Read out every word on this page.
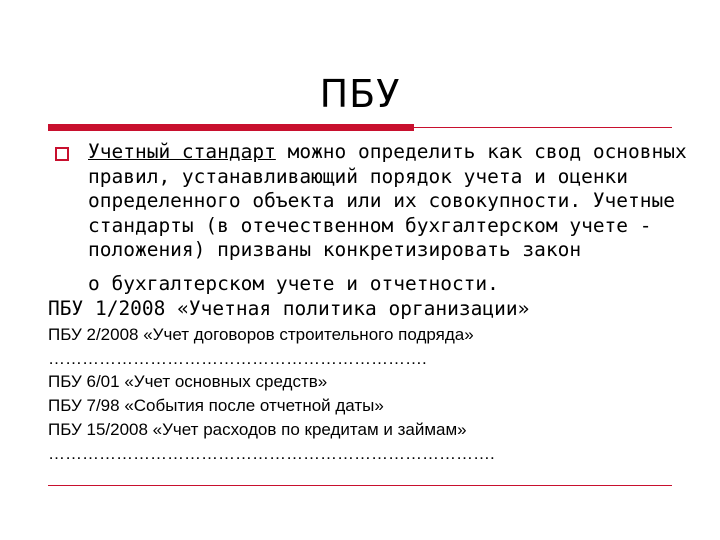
ПБУ
Учетный стандарт можно определить как свод основных правил, устанавливающий порядок учета и оценки определенного объекта или их совокупности. Учетные стандарты (в отечественном бухгалтерском учете - положения) призваны конкретизировать закон
о бухгалтерском учете и отчетности.
ПБУ 1/2008 «Учетная политика организации»
ПБУ 2/2008 «Учет договоров строительного подряда»
………………………………………………………….
ПБУ 6/01 «Учет основных средств»
ПБУ 7/98 «События после отчетной даты»
ПБУ 15/2008 «Учет расходов по кредитам и займам»
…………………………………………………………………….
